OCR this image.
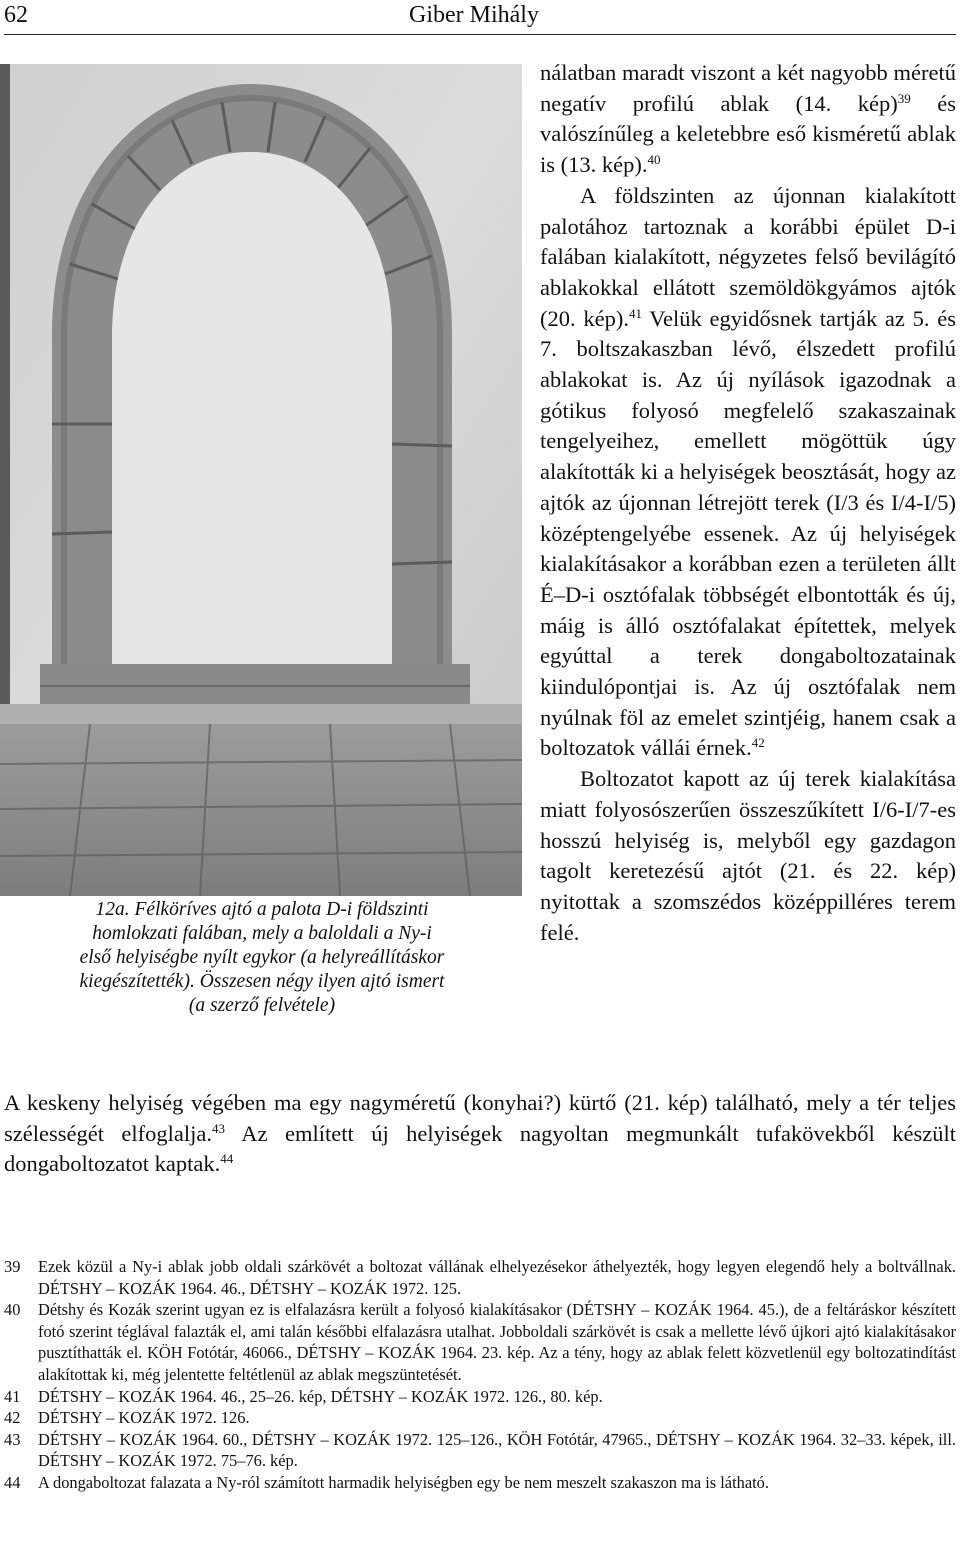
62	Giber Mihály
12a. Félköríves ajtó a palota D-i földszinti
homlokzati falában, mely a baloldali a Ny-i
első helyiségbe nyílt egykor (a helyreállításkor
kiegészítették). Összesen négy ilyen ajtó ismert
(a szerző felvétele)

nálatban maradt viszont a két nagyobb méretű negatív profilú ablak (14. kép)$^{39}$ és valószínűleg a keletebbre eső kisméretű ablak is (13. kép).$^{40}$

A földszinten az újonnan kialakított palotához tartoznak a korábbi épület D-i falában kialakított, négyzetes felső bevilágító ablakokkal ellátott szemöldökgyámos ajtók (20. kép).$^{41}$ Velük egyidősnek tartják az 5. és 7. boltszakaszban lévő, élszedett profilú ablakokat is. Az új nyílások igazodnak a gótikus folyosó megfelelő szakaszainak tengelyeihez, emellett mögöttük úgy alakították ki a helyiségek beosztását, hogy az ajtók az újonnan létrejött terek (I/3 és I/4-I/5) középtengelyébe essenek. Az új helyiségek kialakításakor a korábban ezen a területen állt É–D-i osztófalak többségét elbontották és új, máig is álló osztófalakat építettek, melyek egyúttal a terek dongaboltozatainak kiindulópontjai is. Az új osztófalak nem nyúlnak föl az emelet szintjéig, hanem csak a boltozatok vállái érnek.$^{42}$

Boltozatot kapott az új terek kialakítása miatt folyosószerűen összeszűkített I/6-I/7-es hosszú helyiség is, melyből egy gazdagon tagolt keretezésű ajtót (21. és 22. kép) nyitottak a szomszédos középpilléres terem felé.

A keskeny helyiség végében ma egy nagyméretű (konyhai?) kürtő (21. kép) található, mely a tér teljes szélességét elfoglalja.$^{43}$ Az említett új helyiségek nagyoltan megmunkált tufakövekből készült dongaboltozatot kaptak.$^{44}$

39 Ezek közül a Ny-i ablak jobb oldali szárkövét a boltozat vállának elhelyezésekor áthelyezték, hogy legyen elegendő hely a boltvállnak. DÉTSHY – KOZÁK 1964. 46., DÉTSHY – KOZÁK 1972. 125.

40 Détshy és Kozák szerint ugyan ez is elfalazásra került a folyosó kialakításakor (DÉTSHY – KOZÁK 1964. 45.), de a feltáráskor készített fotó szerint téglával falazták el, ami talán későbbi elfalazásra utalhat. Jobboldali szárkövét is csak a mellette lévő újkori ajtó kialakításakor pusztíthatták el. KÖH Fotótár, 46066., DÉTSHY – KOZÁK 1964. 23. kép. Az a tény, hogy az ablak felett közvetlenül egy boltozatindítást alakítottak ki, még jelentette feltétlenül az ablak megszüntetését.

41 DÉTSHY – KOZÁK 1964. 46., 25–26. kép, DÉTSHY – KOZÁK 1972. 126., 80. kép.

42 DÉTSHY – KOZÁK 1972. 126.

43 DÉTSHY – KOZÁK 1964. 60., DÉTSHY – KOZÁK 1972. 125–126., KÖH Fotótár, 47965., DÉTSHY – KOZÁK 1964. 32–33. képek, ill. DÉTSHY – KOZÁK 1972. 75–76. kép.

44 A dongaboltozat falazata a Ny-ról számított harmadik helyiségben egy be nem meszelt szakaszon ma is látható.
